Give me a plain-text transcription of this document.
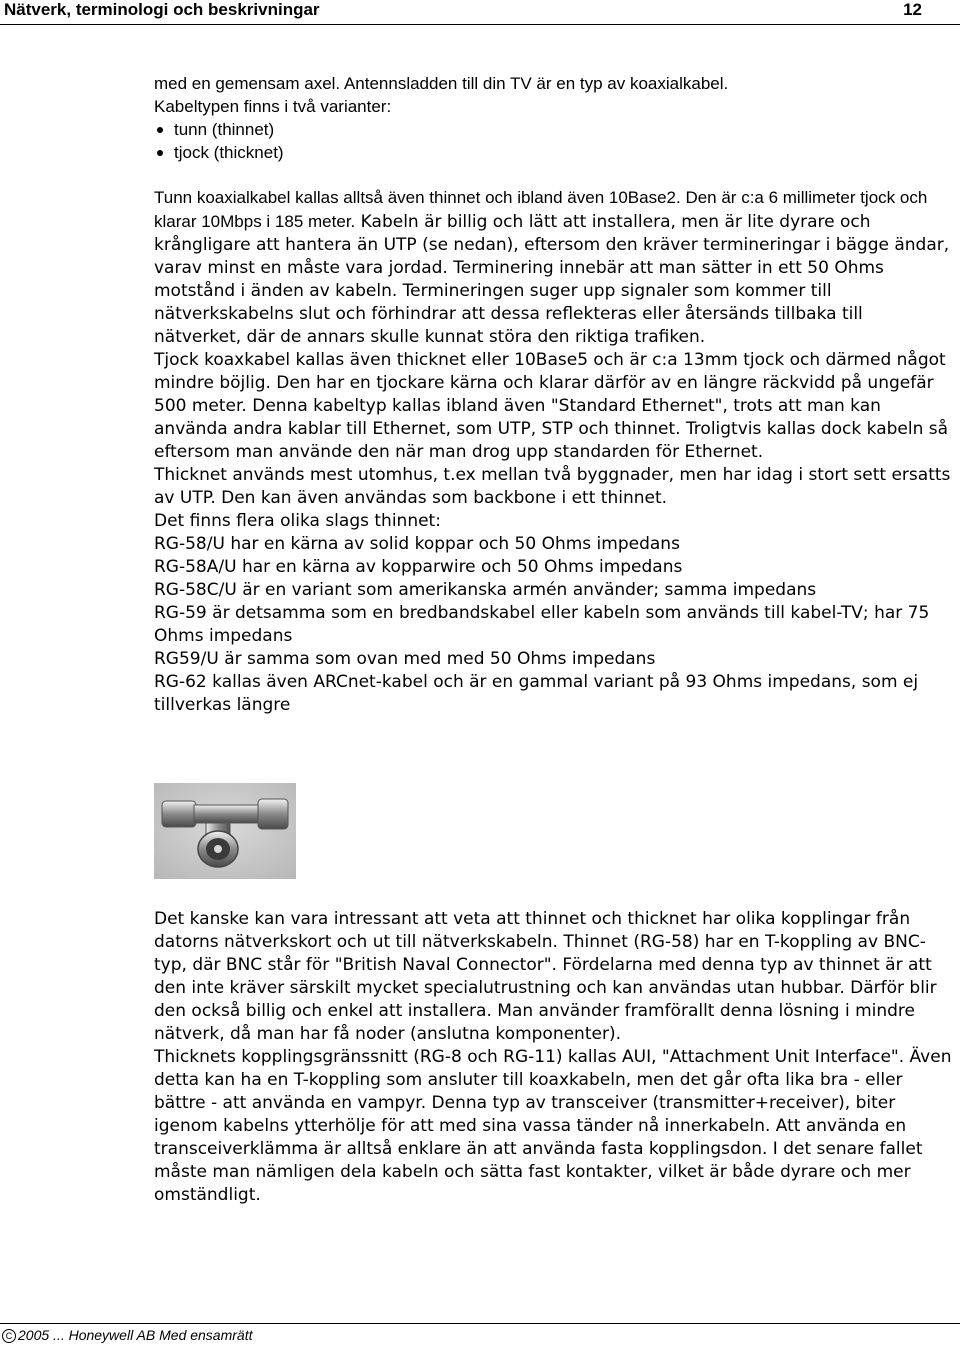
Nätverk, terminologi och beskrivningar	12

med en gemensam axel. Antennsladden till din TV är en typ av koaxialkabel.

Kabeltypen finns i två varianter:

tunn (thinnet)
tjock (thicknet)

Tunn koaxialkabel kallas alltså även thinnet och ibland även 10Base2. Den är c:a 6 millimeter tjock och klarar 10Mbps i 185 meter. Kabeln är billig och lätt att installera, men är lite dyrare och krångligare att hantera än UTP (se nedan), eftersom den kräver termineringar i bägge ändar, varav minst en måste vara jordad. Terminering innebär att man sätter in ett 50 Ohms motstånd i änden av kabeln. Termineringen suger upp signaler som kommer till nätverkskabelns slut och förhindrar att dessa reflekteras eller återsänds tillbaka till nätverket, där de annars skulle kunnat störa den riktiga trafiken.

Tjock koaxkabel kallas även thicknet eller 10Base5 och är c:a 13mm tjock och därmed något mindre böjlig. Den har en tjockare kärna och klarar därför av en längre räckvidd på ungefär 500 meter. Denna kabeltyp kallas ibland även "Standard Ethernet", trots att man kan använda andra kablar till Ethernet, som UTP, STP och thinnet. Troligtvis kallas dock kabeln så eftersom man använde den när man drog upp standarden för Ethernet.

Thicknet används mest utomhus, t.ex mellan två byggnader, men har idag i stort sett ersatts av UTP. Den kan även användas som backbone i ett thinnet.

Det finns flera olika slags thinnet:

RG-58/U har en kärna av solid koppar och 50 Ohms impedans

RG-58A/U har en kärna av kopparwire och 50 Ohms impedans

RG-58C/U är en variant som amerikanska armén använder; samma impedans

RG-59 är detsamma som en bredbandskabel eller kabeln som används till kabel-TV; har 75 Ohms impedans

RG59/U är samma som ovan med med 50 Ohms impedans

RG-62 kallas även ARCnet-kabel och är en gammal variant på 93 Ohms impedans, som ej tillverkas längre

Det kanske kan vara intressant att veta att thinnet och thicknet har olika kopplingar från datorns nätverkskort och ut till nätverkskabeln. Thinnet (RG-58) har en T-koppling av BNC-typ, där BNC står för "British Naval Connector". Fördelarna med denna typ av thinnet är att den inte kräver särskilt mycket specialutrustning och kan användas utan hubbar. Därför blir den också billig och enkel att installera. Man använder framförallt denna lösning i mindre nätverk, då man har få noder (anslutna komponenter).

Thicknets kopplingsgränssnitt (RG-8 och RG-11) kallas AUI, "Attachment Unit Interface". Även detta kan ha en T-koppling som ansluter till koaxkabeln, men det går ofta lika bra - eller bättre - att använda en vampyr. Denna typ av transceiver (transmitter+receiver), biter igenom kabelns ytterhölje för att med sina vassa tänder nå innerkabeln. Att använda en transceiverklämma är alltså enklare än att använda fasta kopplingsdon. I det senare fallet måste man nämligen dela kabeln och sätta fast kontakter, vilket är både dyrare och mer omständligt.

C 2005 ... Honeywell AB Med ensamrätt
